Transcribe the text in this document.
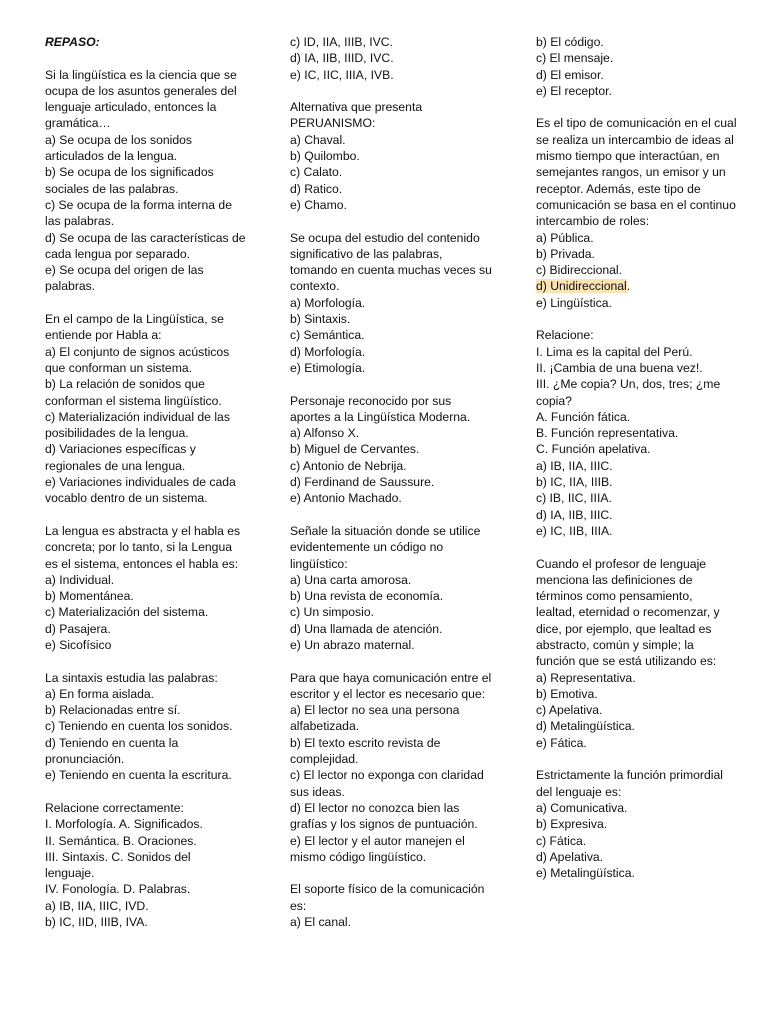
REPASO:
Si la lingüística es la ciencia que se
ocupa de los asuntos generales del
lenguaje articulado, entonces la
gramática…
a) Se ocupa de los sonidos
articulados de la lengua.
b) Se ocupa de los significados
sociales de las palabras.
c) Se ocupa de la forma interna de
las palabras.
d) Se ocupa de las características de
cada lengua por separado.
e) Se ocupa del origen de las
palabras.
En el campo de la Lingüística, se
entiende por Habla a:
a) El conjunto de signos acústicos
que conforman un sistema.
b) La relación de sonidos que
conforman el sistema lingüístico.
c) Materialización individual de las
posibilidades de la lengua.
d) Variaciones específicas y
regionales de una lengua.
e) Variaciones individuales de cada
vocablo dentro de un sistema.
La lengua es abstracta y el habla es
concreta; por lo tanto, si la Lengua
es el sistema, entonces el habla es:
a) Individual.
b) Momentánea.
c) Materialización del sistema.
d) Pasajera.
e) Sicofísico
La sintaxis estudia las palabras:
a) En forma aislada.
b) Relacionadas entre sí.
c) Teniendo en cuenta los sonidos.
d) Teniendo en cuenta la
pronunciación.
e) Teniendo en cuenta la escritura.
Relacione correctamente:
I. Morfología. A. Significados.
II. Semántica. B. Oraciones.
III. Sintaxis. C. Sonidos del
lenguaje.
IV. Fonología. D. Palabras.
a) IB, IIA, IIIC, IVD.
b) IC, IID, IIIB, IVA.
c) ID, IIA, IIIB, IVC.
d) IA, IIB, IIID, IVC.
e) IC, IIC, IIIA, IVB.
Alternativa que presenta
PERUANISMO:
a) Chaval.
b) Quilombo.
c) Calato.
d) Ratico.
e) Chamo.
Se ocupa del estudio del contenido
significativo de las palabras,
tomando en cuenta muchas veces su
contexto.
a) Morfología.
b) Sintaxis.
c) Semántica.
d) Morfología.
e) Etimología.
Personaje reconocido por sus
aportes a la Lingüística Moderna.
a) Alfonso X.
b) Miguel de Cervantes.
c) Antonio de Nebrija.
d) Ferdinand de Saussure.
e) Antonio Machado.
Señale la situación donde se utilice
evidentemente un código no
lingüístico:
a) Una carta amorosa.
b) Una revista de economía.
c) Un simposio.
d) Una llamada de atención.
e) Un abrazo maternal.
Para que haya comunicación entre el
escritor y el lector es necesario que:
a) El lector no sea una persona
alfabetizada.
b) El texto escrito revista de
complejidad.
c) El lector no exponga con claridad
sus ideas.
d) El lector no conozca bien las
grafías y los signos de puntuación.
e) El lector y el autor manejen el
mismo código lingüístico.
El soporte físico de la comunicación
es:
a) El canal.
b) El código.
c) El mensaje.
d) El emisor.
e) El receptor.
Es el tipo de comunicación en el cual
se realiza un intercambio de ideas al
mismo tiempo que interactúan, en
semejantes rangos, un emisor y un
receptor. Además, este tipo de
comunicación se basa en el continuo
intercambio de roles:
a) Pública.
b) Privada.
c) Bidireccional.
d) Unidireccional.
e) Lingüística.
Relacione:
I. Lima es la capital del Perú.
II. ¡Cambia de una buena vez!.
III. ¿Me copia? Un, dos, tres; ¿me
copia?
A. Función fática.
B. Función representativa.
C. Función apelativa.
a) IB, IIA, IIIC.
b) IC, IIA, IIIB.
c) IB, IIC, IIIA.
d) IA, IIB, IIIC.
e) IC, IIB, IIIA.
Cuando el profesor de lenguaje
menciona las definiciones de
términos como pensamiento,
lealtad, eternidad o recomenzar, y
dice, por ejemplo, que lealtad es
abstracto, común y simple; la
función que se está utilizando es:
a) Representativa.
b) Emotiva.
c) Apelativa.
d) Metalingüística.
e) Fática.
Estrictamente la función primordial
del lenguaje es:
a) Comunicativa.
b) Expresiva.
c) Fática.
d) Apelativa.
e) Metalingüística.
